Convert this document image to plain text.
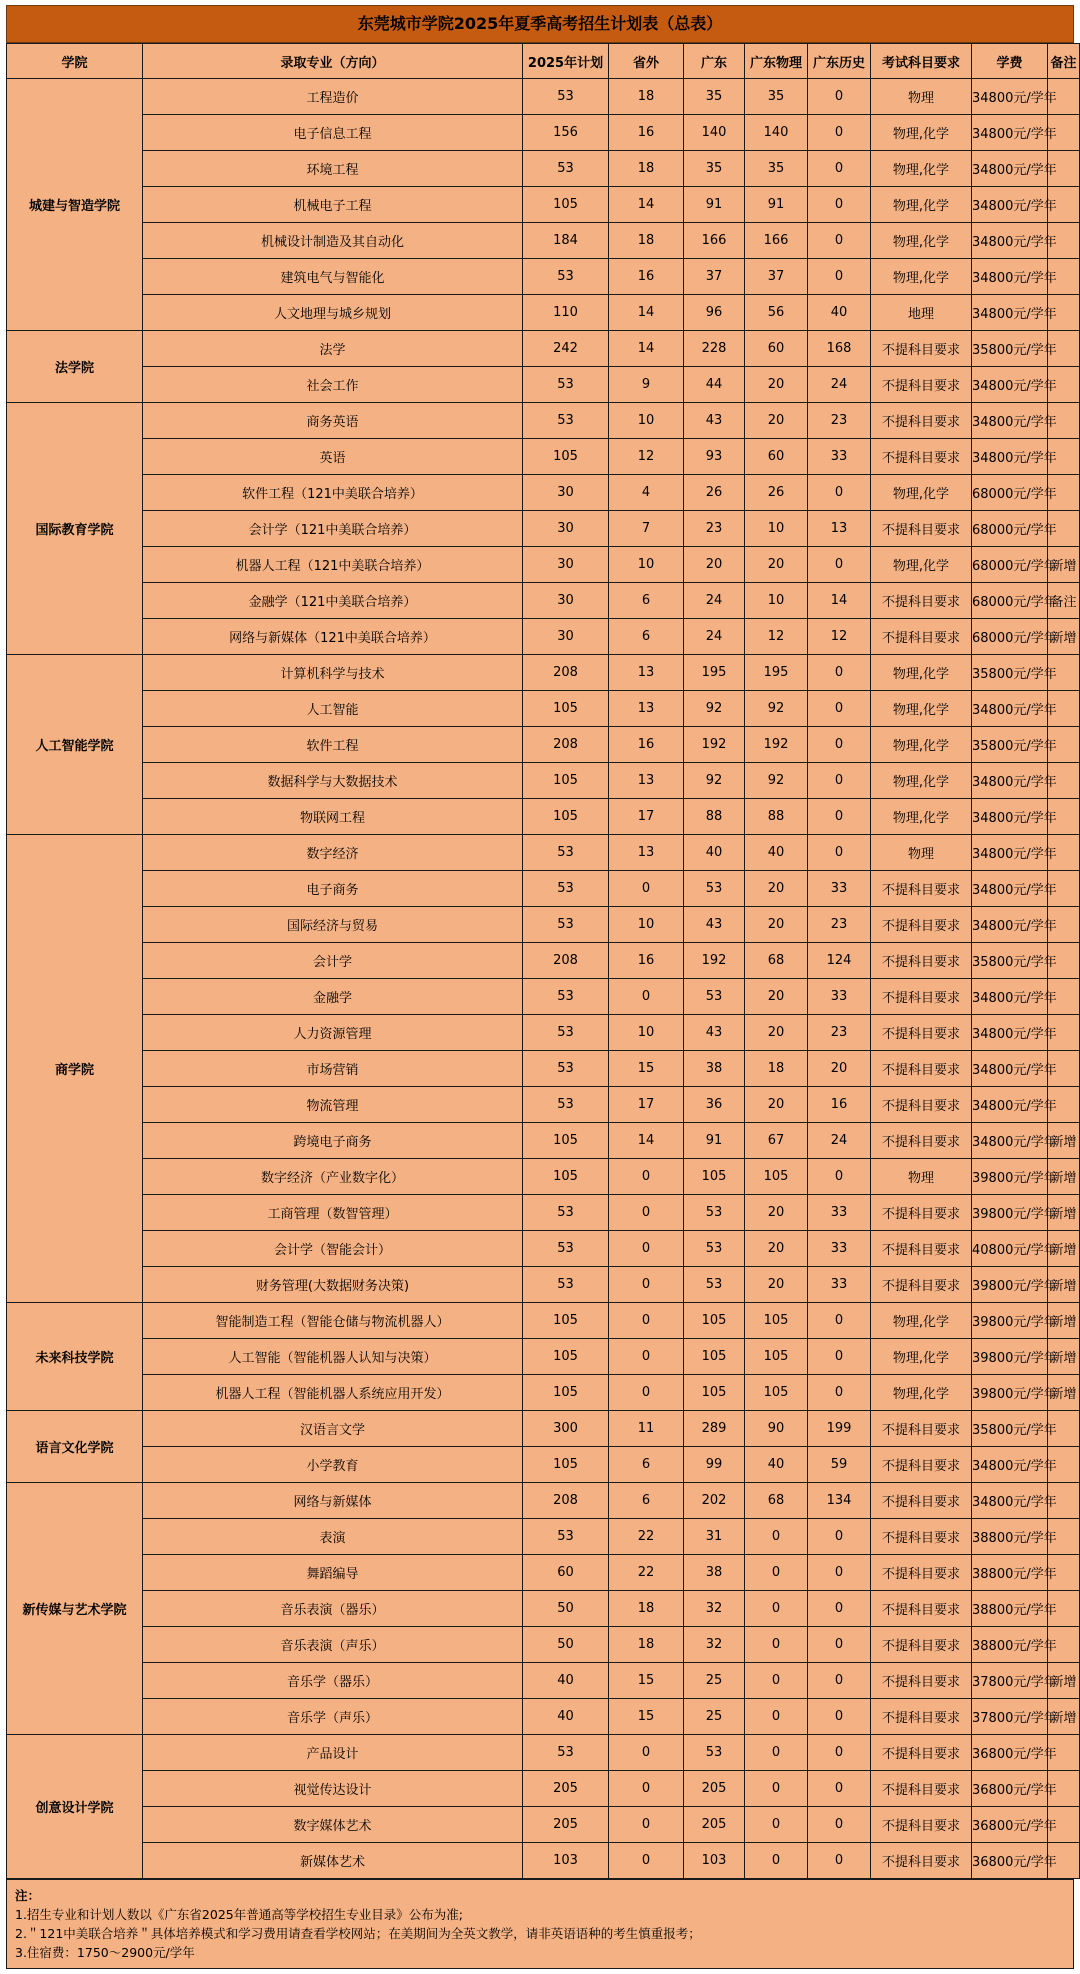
东莞城市学院2025年夏季高考招生计划表（总表）
学院	录取专业（方向）	2025年计划	省外	广东	广东物理	广东历史	考试科目要求	学费	备注
城建与智造学院	工程造价	53	18	35	35	0	物理	34800元/学年	
	电子信息工程	156	16	140	140	0	物理,化学	34800元/学年	
	环境工程	53	18	35	35	0	物理,化学	34800元/学年	
	机械电子工程	105	14	91	91	0	物理,化学	34800元/学年	
	机械设计制造及其自动化	184	18	166	166	0	物理,化学	34800元/学年	
	建筑电气与智能化	53	16	37	37	0	物理,化学	34800元/学年	
	人文地理与城乡规划	110	14	96	56	40	地理	34800元/学年	
法学院	法学	242	14	228	60	168	不提科目要求	35800元/学年	
	社会工作	53	9	44	20	24	不提科目要求	34800元/学年	
国际教育学院	商务英语	53	10	43	20	23	不提科目要求	34800元/学年	
	英语	105	12	93	60	33	不提科目要求	34800元/学年	
	软件工程（121中美联合培养）	30	4	26	26	0	物理,化学	68000元/学年	
	会计学（121中美联合培养）	30	7	23	10	13	不提科目要求	68000元/学年	
	机器人工程（121中美联合培养）	30	10	20	20	0	物理,化学	68000元/学年	新增
	金融学（121中美联合培养）	30	6	24	10	14	不提科目要求	68000元/学年	备注
	网络与新媒体（121中美联合培养）	30	6	24	12	12	不提科目要求	68000元/学年	新增
人工智能学院	计算机科学与技术	208	13	195	195	0	物理,化学	35800元/学年	
	人工智能	105	13	92	92	0	物理,化学	34800元/学年	
	软件工程	208	16	192	192	0	物理,化学	35800元/学年	
	数据科学与大数据技术	105	13	92	92	0	物理,化学	34800元/学年	
	物联网工程	105	17	88	88	0	物理,化学	34800元/学年	
商学院	数字经济	53	13	40	40	0	物理	34800元/学年	
	电子商务	53	0	53	20	33	不提科目要求	34800元/学年	
	国际经济与贸易	53	10	43	20	23	不提科目要求	34800元/学年	
	会计学	208	16	192	68	124	不提科目要求	35800元/学年	
	金融学	53	0	53	20	33	不提科目要求	34800元/学年	
	人力资源管理	53	10	43	20	23	不提科目要求	34800元/学年	
	市场营销	53	15	38	18	20	不提科目要求	34800元/学年	
	物流管理	53	17	36	20	16	不提科目要求	34800元/学年	
	跨境电子商务	105	14	91	67	24	不提科目要求	34800元/学年	新增
	数字经济（产业数字化）	105	0	105	105	0	物理	39800元/学年	新增
	工商管理（数智管理）	53	0	53	20	33	不提科目要求	39800元/学年	新增
	会计学（智能会计）	53	0	53	20	33	不提科目要求	40800元/学年	新增
	财务管理(大数据财务决策)	53	0	53	20	33	不提科目要求	39800元/学年	新增
未来科技学院	智能制造工程（智能仓储与物流机器人）	105	0	105	105	0	物理,化学	39800元/学年	新增
	人工智能（智能机器人认知与决策）	105	0	105	105	0	物理,化学	39800元/学年	新增
	机器人工程（智能机器人系统应用开发）	105	0	105	105	0	物理,化学	39800元/学年	新增
语言文化学院	汉语言文学	300	11	289	90	199	不提科目要求	35800元/学年	
	小学教育	105	6	99	40	59	不提科目要求	34800元/学年	
新传媒与艺术学院	网络与新媒体	208	6	202	68	134	不提科目要求	34800元/学年	
	表演	53	22	31	0	0	不提科目要求	38800元/学年	
	舞蹈编导	60	22	38	0	0	不提科目要求	38800元/学年	
	音乐表演（器乐）	50	18	32	0	0	不提科目要求	38800元/学年	
	音乐表演（声乐）	50	18	32	0	0	不提科目要求	38800元/学年	
	音乐学（器乐）	40	15	25	0	0	不提科目要求	37800元/学年	新增
	音乐学（声乐）	40	15	25	0	0	不提科目要求	37800元/学年	新增
创意设计学院	产品设计	53	0	53	0	0	不提科目要求	36800元/学年	
	视觉传达设计	205	0	205	0	0	不提科目要求	36800元/学年	
	数字媒体艺术	205	0	205	0	0	不提科目要求	36800元/学年	
	新媒体艺术	103	0	103	0	0	不提科目要求	36800元/学年	
注：
1.招生专业和计划人数以《广东省2025年普通高等学校招生专业目录》公布为准;
2.＂121中美联合培养＂具体培养模式和学习费用请查看学校网站；在美期间为全英文教学，请非英语语种的考生慎重报考；
3.住宿费：1750～2900元/学年
